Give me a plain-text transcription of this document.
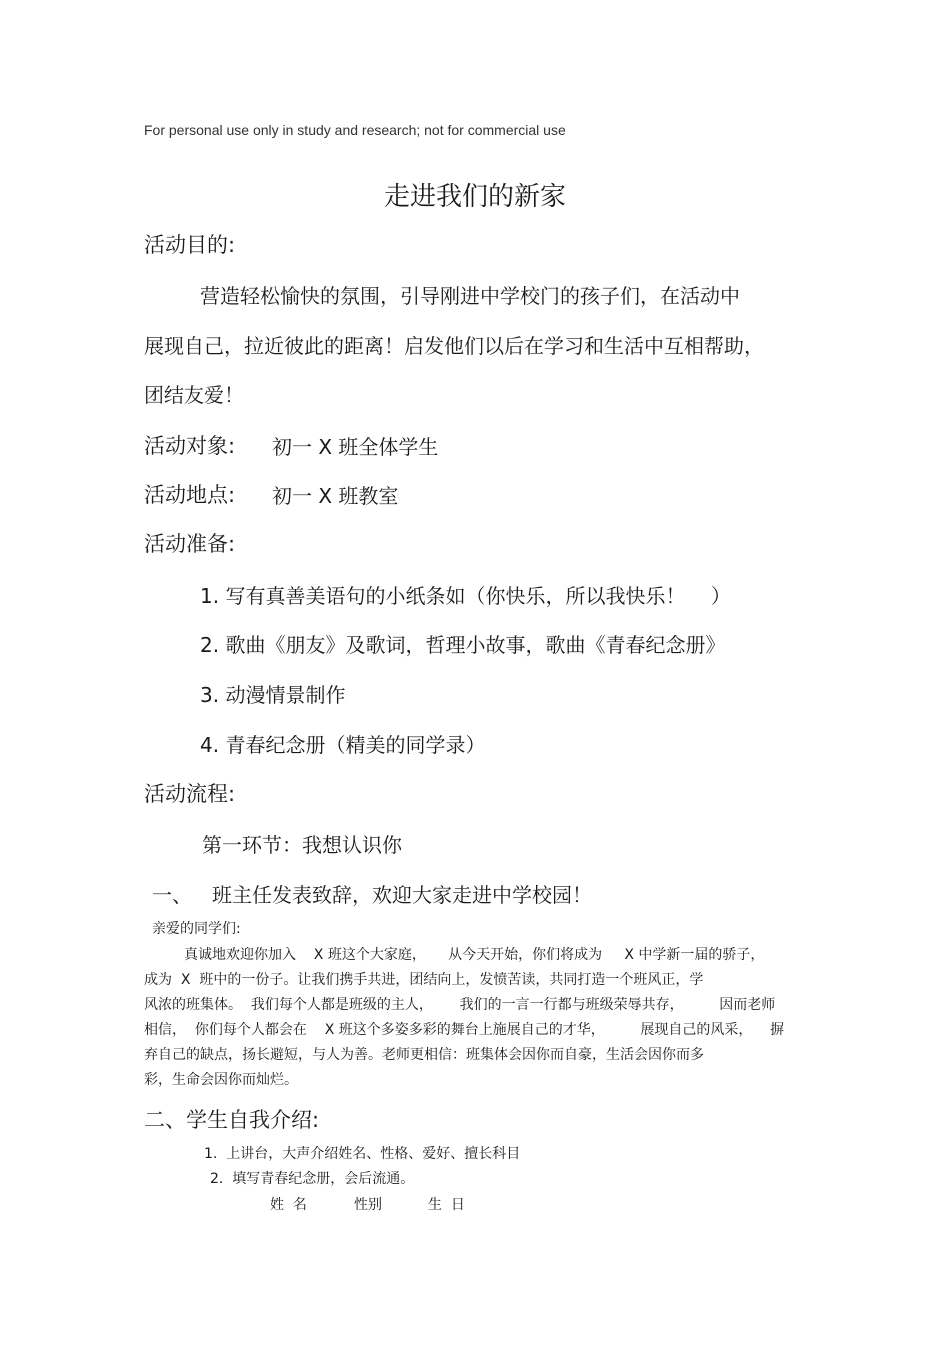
For personal use only in study and research; not for commercial use
走进我们的新家
活动目的:
营造轻松愉快的氛围，引导刚进中学校门的孩子们，在活动中
展现自己，拉近彼此的距离！启发他们以后在学习和生活中互相帮助，
团结友爱！
活动对象: 初一 X 班全体学生
活动地点: 初一 X 班教室
活动准备:
1. 写有真善美语句的小纸条如（你快乐，所以我快乐！    ）
2. 歌曲《朋友》及歌词，哲理小故事，歌曲《青春纪念册》
3. 动漫情景制作
4. 青春纪念册（精美的同学录）
活动流程:
第一环节：我想认识你
一、 班主任发表致辞，欢迎大家走进中学校园！
亲爱的同学们:
真诚地欢迎你加入    X 班这个大家庭，     从今天开始，你们将成为     X 中学新一届的骄子，
成为  X  班中的一份子。让我们携手共进，团结向上，发愤苦读，共同打造一个班风正，学
风浓的班集体。  我们每个人都是班级的主人，      我们的一言一行都与班级荣辱共存，        因而老师
相信，  你们每个人都会在    X 班这个多姿多彩的舞台上施展自己的才华，        展现自己的风采，    摒
弃自己的缺点，扬长避短，与人为善。老师更相信：班集体会因你而自豪，生活会因你而多
彩，生命会因你而灿烂。
二、学生自我介绍:
1.  上讲台，大声介绍姓名、性格、爱好、擅长科目
2.  填写青春纪念册，会后流通。
姓  名	性别	生  日
